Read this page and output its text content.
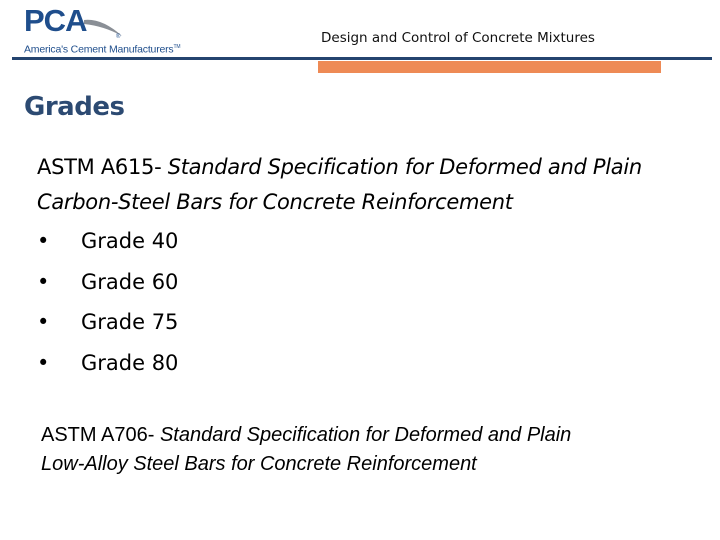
PCA	®
America's Cement Manufacturers™
Design and Control of Concrete Mixtures
Grades
ASTM A615- Standard Specification for Deformed and Plain
Carbon-Steel Bars for Concrete Reinforcement
• Grade 40
• Grade 60
• Grade 75
• Grade 80
ASTM A706- Standard Specification for Deformed and Plain
Low-Alloy Steel Bars for Concrete Reinforcement
